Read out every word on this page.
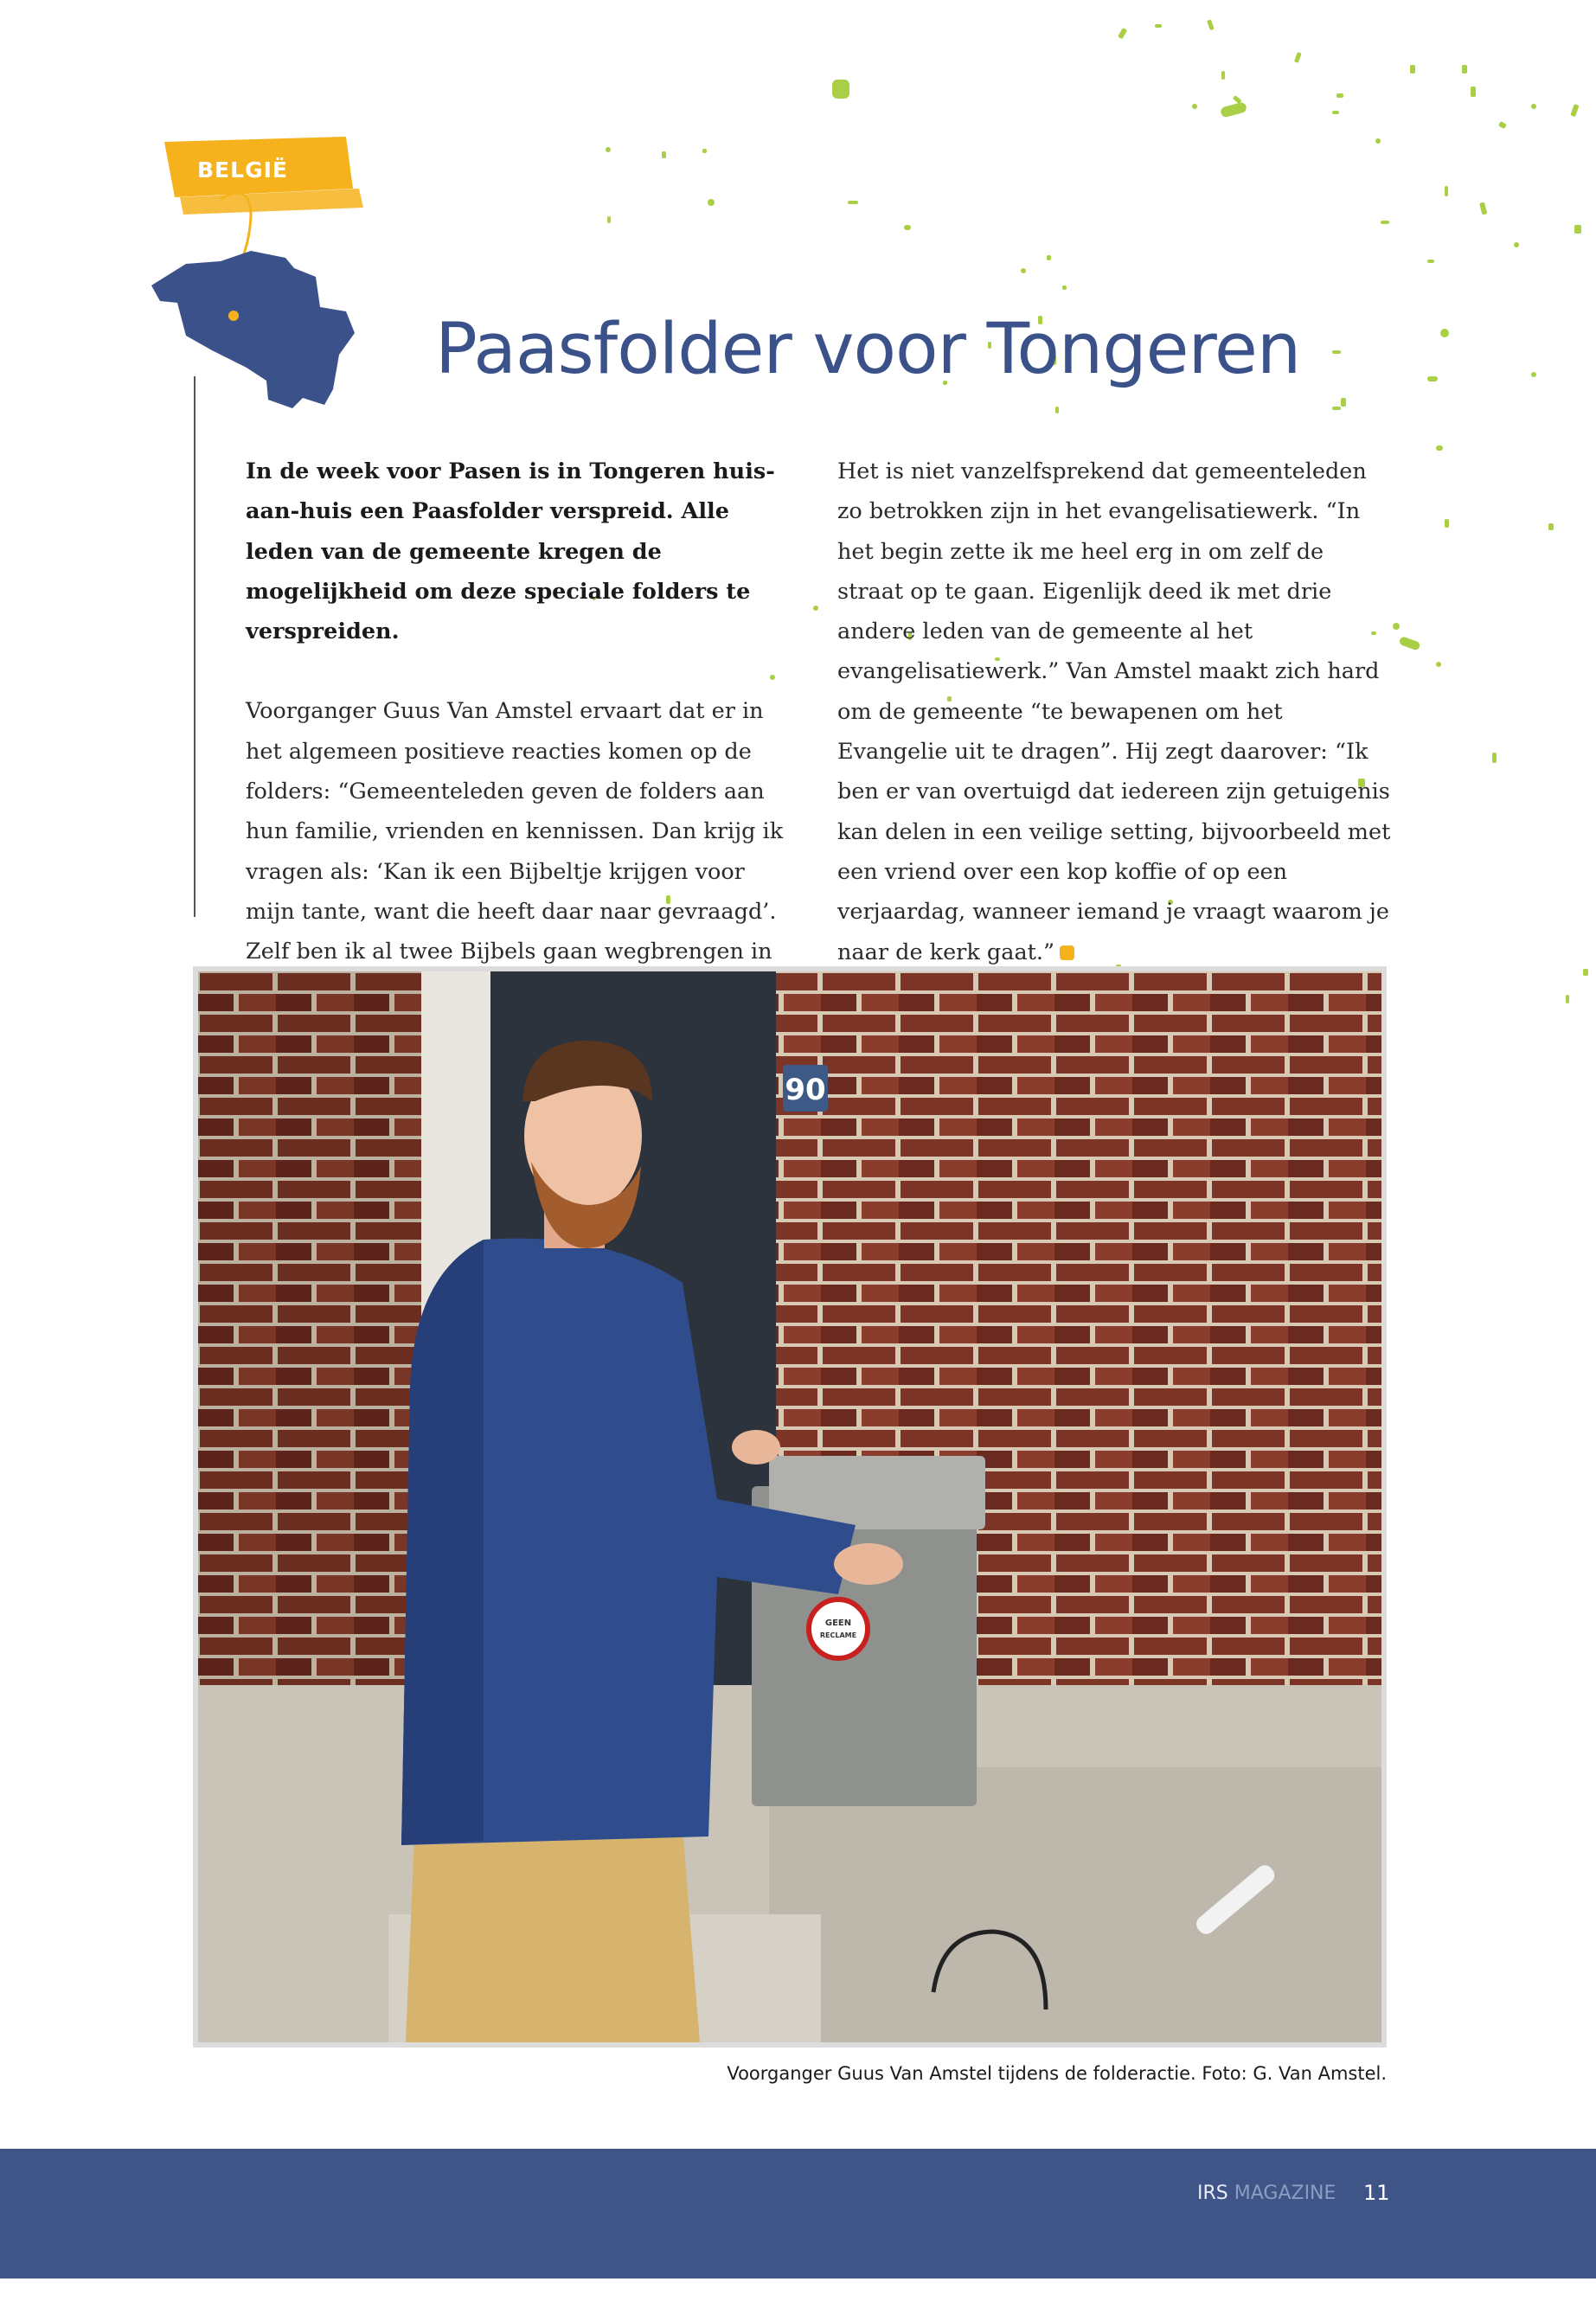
BELGIË
Paasfolder voor Tongeren

In de week voor Pasen is in Tongeren huis-aan-huis een Paasfolder verspreid. Alle leden van de gemeente kregen de mogelijkheid om deze speciale folders te verspreiden.

Voorganger Guus Van Amstel ervaart dat er in het algemeen positieve reacties komen op de folders: “Gemeenteleden geven de folders aan hun familie, vrienden en kennissen. Dan krijg ik vragen als: ‘Kan ik een Bijbeltje krijgen voor mijn tante, want die heeft daar naar gevraagd’. Zelf ben ik al twee Bijbels gaan wegbrengen in

Het is niet vanzelfsprekend dat gemeenteleden zo betrokken zijn in het evangelisatiewerk. “In het begin zette ik me heel erg in om zelf de straat op te gaan. Eigenlijk deed ik met drie andere leden van de gemeente al het evangelisatiewerk.” Van Amstel maakt zich hard om de gemeente “te bewapenen om het Evangelie uit te dragen”. Hij zegt daarover: “Ik ben er van overtuigd dat iedereen zijn getuigenis kan delen in een veilige setting, bijvoorbeeld met een vriend over een kop koffie of op een verjaardag, wanneer iemand je vraagt waarom je naar de kerk gaat.”

90
GEEN
RECLAME
Voorganger Guus Van Amstel tijdens de folderactie. Foto: G. Van Amstel.
IRS MAGAZINE 11
